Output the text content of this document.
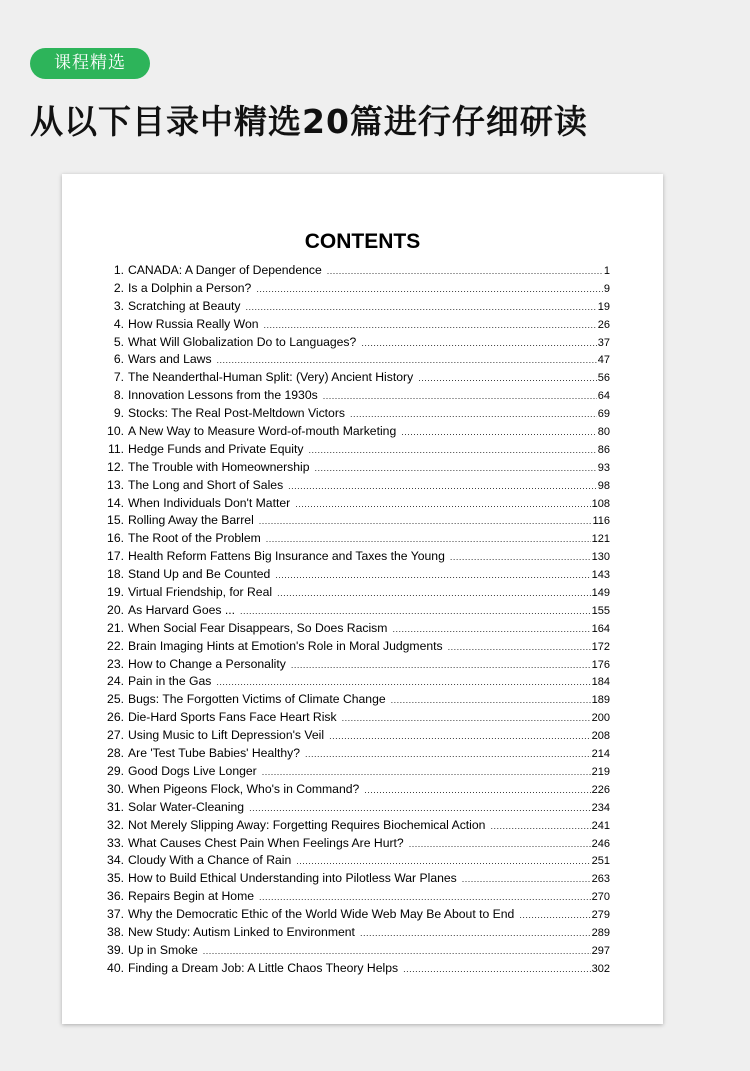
课程精选
从以下目录中精选20篇进行仔细研读
CONTENTS
1. CANADA: A Danger of Dependence .....	1
2. Is a Dolphin a Person? .....	9
3. Scratching at Beauty .....	19
4. How Russia Really Won .....	26
5. What Will Globalization Do to Languages? .....	37
6. Wars and Laws .....	47
7. The Neanderthal-Human Split: (Very) Ancient History .....	56
8. Innovation Lessons from the 1930s .....	64
9. Stocks: The Real Post-Meltdown Victors .....	69
10. A New Way to Measure Word-of-mouth Marketing .....	80
11. Hedge Funds and Private Equity .....	86
12. The Trouble with Homeownership .....	93
13. The Long and Short of Sales .....	98
14. When Individuals Don't Matter .....	108
15. Rolling Away the Barrel .....	116
16. The Root of the Problem .....	121
17. Health Reform Fattens Big Insurance and Taxes the Young .....	130
18. Stand Up and Be Counted .....	143
19. Virtual Friendship, for Real .....	149
20. As Harvard Goes ... .....	155
21. When Social Fear Disappears, So Does Racism .....	164
22. Brain Imaging Hints at Emotion's Role in Moral Judgments .....	172
23. How to Change a Personality .....	176
24. Pain in the Gas .....	184
25. Bugs: The Forgotten Victims of Climate Change .....	189
26. Die-Hard Sports Fans Face Heart Risk .....	200
27. Using Music to Lift Depression's Veil .....	208
28. Are 'Test Tube Babies' Healthy? .....	214
29. Good Dogs Live Longer .....	219
30. When Pigeons Flock, Who's in Command? .....	226
31. Solar Water-Cleaning .....	234
32. Not Merely Slipping Away: Forgetting Requires Biochemical Action .....	241
33. What Causes Chest Pain When Feelings Are Hurt? .....	246
34. Cloudy With a Chance of Rain .....	251
35. How to Build Ethical Understanding into Pilotless War Planes .....	263
36. Repairs Begin at Home .....	270
37. Why the Democratic Ethic of the World Wide Web May Be About to End .....	279
38. New Study: Autism Linked to Environment .....	289
39. Up in Smoke .....	297
40. Finding a Dream Job: A Little Chaos Theory Helps .....	302
